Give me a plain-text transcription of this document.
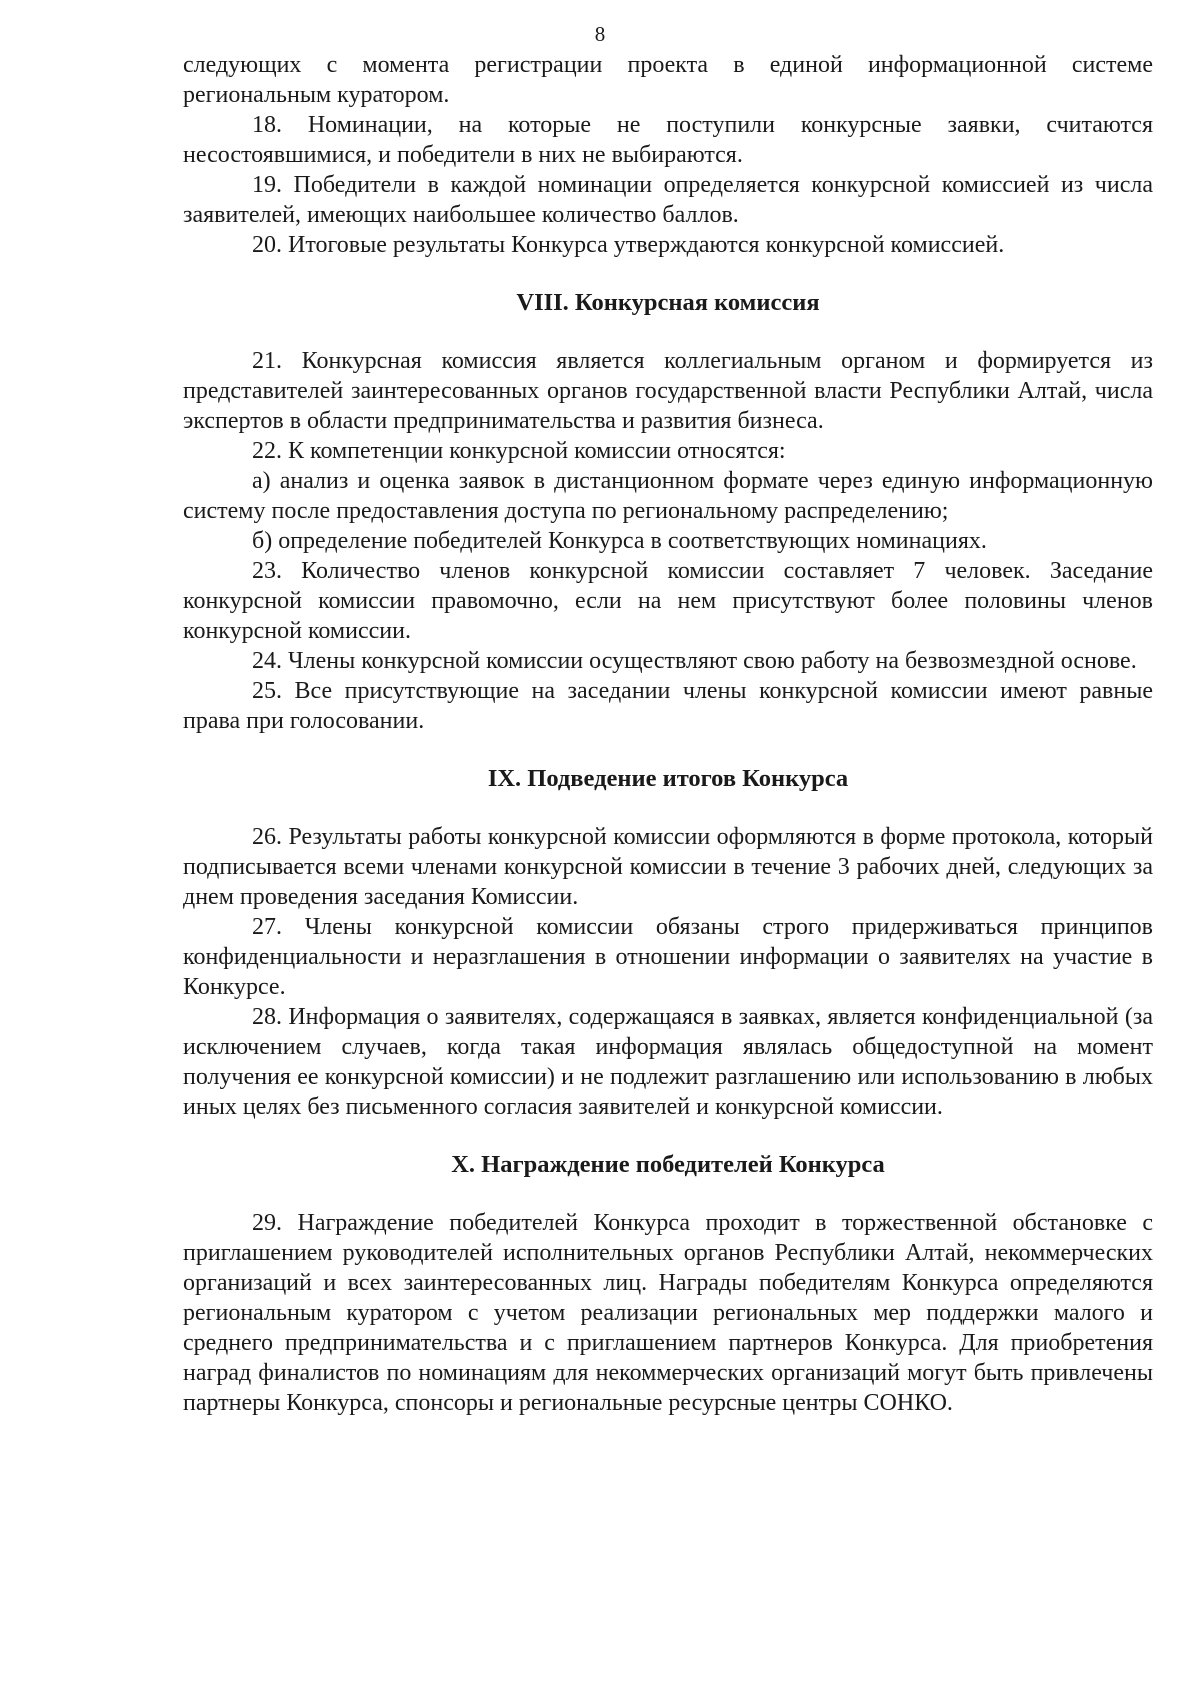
8

следующих с момента регистрации проекта в единой информационной системе региональным куратором.

18. Номинации, на которые не поступили конкурсные заявки, считаются несостоявшимися, и победители в них не выбираются.

19. Победители в каждой номинации определяется конкурсной комиссией из числа заявителей, имеющих наибольшее количество баллов.

20. Итоговые результаты Конкурса утверждаются конкурсной комиссией.

VIII. Конкурсная комиссия

21. Конкурсная комиссия является коллегиальным органом и формируется из представителей заинтересованных органов государственной власти Республики Алтай, числа экспертов в области предпринимательства и развития бизнеса.

22. К компетенции конкурсной комиссии относятся:

а) анализ и оценка заявок в дистанционном формате через единую информационную систему после предоставления доступа по региональному распределению;

б) определение победителей Конкурса в соответствующих номинациях.

23. Количество членов конкурсной комиссии составляет 7 человек. Заседание конкурсной комиссии правомочно, если на нем присутствуют более половины членов конкурсной комиссии.

24. Члены конкурсной комиссии осуществляют свою работу на безвозмездной основе.

25. Все присутствующие на заседании члены конкурсной комиссии имеют равные права при голосовании.

IX. Подведение итогов Конкурса

26. Результаты работы конкурсной комиссии оформляются в форме протокола, который подписывается всеми членами конкурсной комиссии в течение 3 рабочих дней, следующих за днем проведения заседания Комиссии.

27. Члены конкурсной комиссии обязаны строго придерживаться принципов конфиденциальности и неразглашения в отношении информации о заявителях на участие в Конкурсе.

28. Информация о заявителях, содержащаяся в заявках, является конфиденциальной (за исключением случаев, когда такая информация являлась общедоступной на момент получения ее конкурсной комиссии) и не подлежит разглашению или использованию в любых иных целях без письменного согласия заявителей и конкурсной комиссии.

X. Награждение победителей Конкурса

29. Награждение победителей Конкурса проходит в торжественной обстановке с приглашением руководителей исполнительных органов Республики Алтай, некоммерческих организаций и всех заинтересованных лиц. Награды победителям Конкурса определяются региональным куратором с учетом реализации региональных мер поддержки малого и среднего предпринимательства и с приглашением партнеров Конкурса. Для приобретения наград финалистов по номинациям для некоммерческих организаций могут быть привлечены партнеры Конкурса, спонсоры и региональные ресурсные центры СОНКО.
